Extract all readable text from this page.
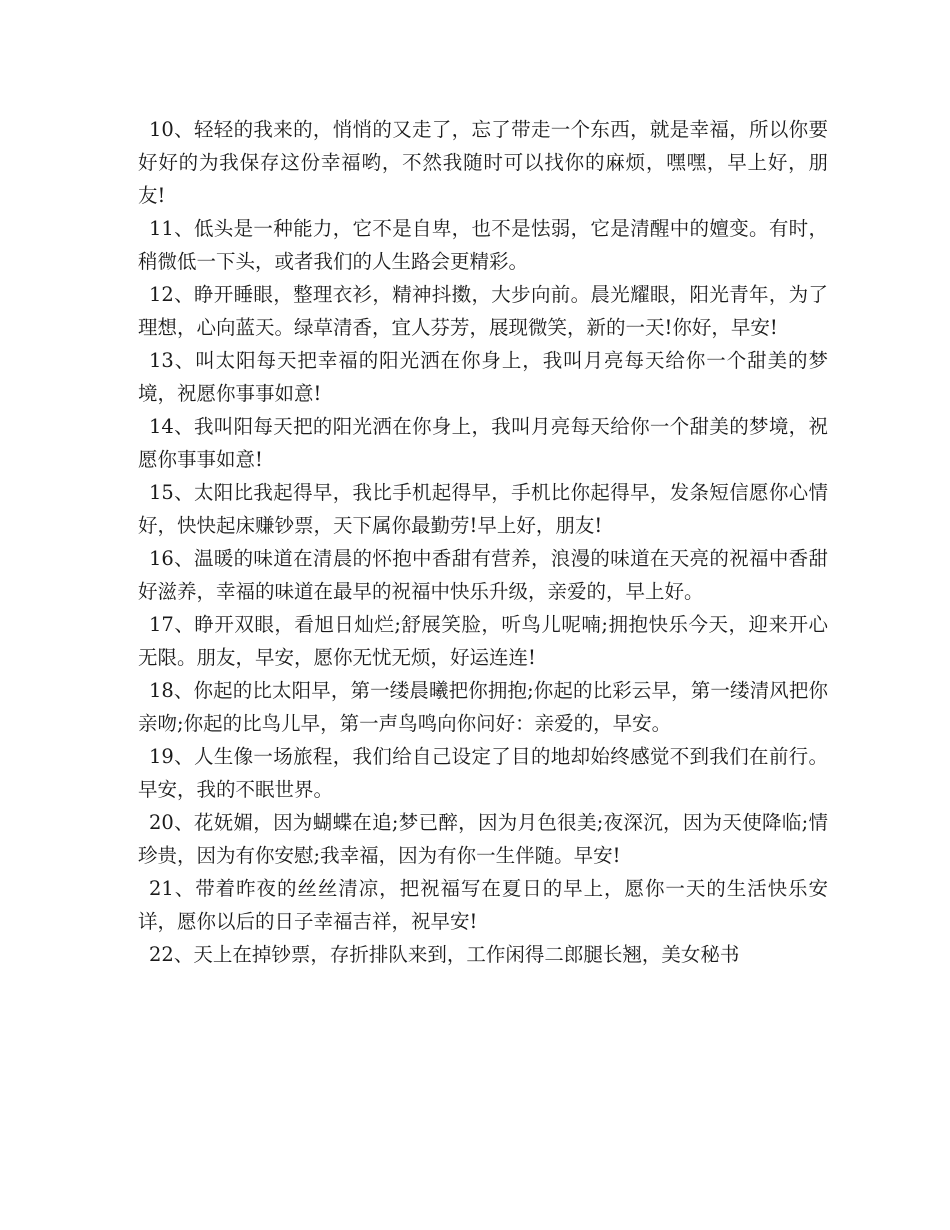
10、轻轻的我来的，悄悄的又走了，忘了带走一个东西，就是幸福，所以你要好好的为我保存这份幸福哟，不然我随时可以找你的麻烦，嘿嘿，早上好，朋友!

11、低头是一种能力，它不是自卑，也不是怯弱，它是清醒中的嬗变。有时，稍微低一下头，或者我们的人生路会更精彩。

12、睁开睡眼，整理衣衫，精神抖擞，大步向前。晨光耀眼，阳光青年，为了理想，心向蓝天。绿草清香，宜人芬芳，展现微笑，新的一天!你好，早安!

13、叫太阳每天把幸福的阳光洒在你身上，我叫月亮每天给你一个甜美的梦境，祝愿你事事如意!

14、我叫阳每天把的阳光洒在你身上，我叫月亮每天给你一个甜美的梦境，祝愿你事事如意!

15、太阳比我起得早，我比手机起得早，手机比你起得早，发条短信愿你心情好，快快起床赚钞票，天下属你最勤劳!早上好，朋友!

16、温暖的味道在清晨的怀抱中香甜有营养，浪漫的味道在天亮的祝福中香甜好滋养，幸福的味道在最早的祝福中快乐升级，亲爱的，早上好。

17、睁开双眼，看旭日灿烂;舒展笑脸，听鸟儿呢喃;拥抱快乐今天，迎来开心无限。朋友，早安，愿你无忧无烦，好运连连!

18、你起的比太阳早，第一缕晨曦把你拥抱;你起的比彩云早，第一缕清风把你亲吻;你起的比鸟儿早，第一声鸟鸣向你问好：亲爱的，早安。

19、人生像一场旅程，我们给自己设定了目的地却始终感觉不到我们在前行。早安，我的不眠世界。

20、花妩媚，因为蝴蝶在追;梦已醉，因为月色很美;夜深沉，因为天使降临;情珍贵，因为有你安慰;我幸福，因为有你一生伴随。早安!

21、带着昨夜的丝丝清凉，把祝福写在夏日的早上，愿你一天的生活快乐安详，愿你以后的日子幸福吉祥，祝早安!

22、天上在掉钞票，存折排队来到，工作闲得二郎腿长翘，美女秘书
